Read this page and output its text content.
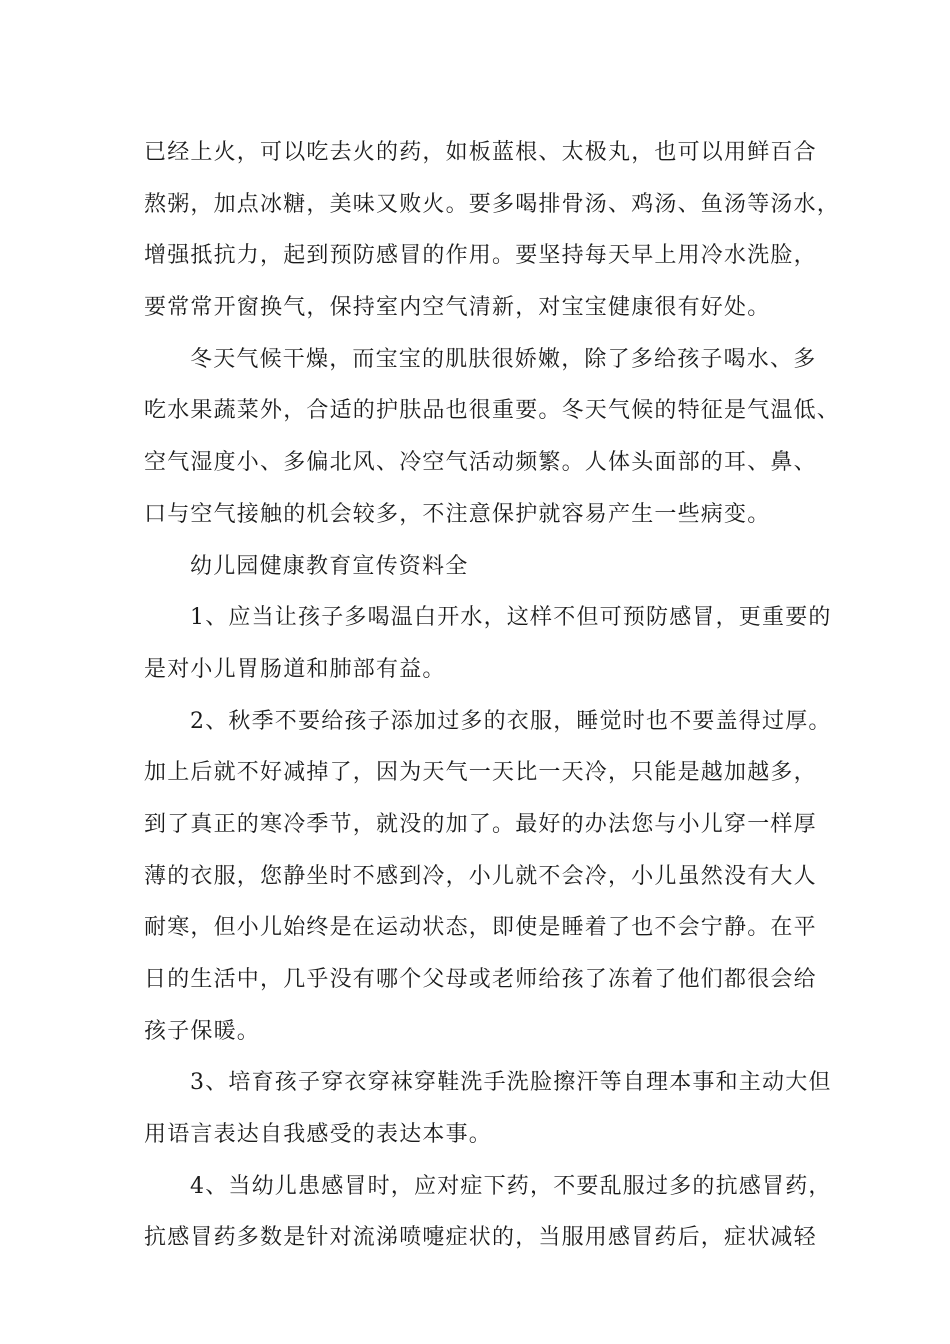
已经上火，可以吃去火的药，如板蓝根、太极丸，也可以用鲜百合
熬粥，加点冰糖，美味又败火。要多喝排骨汤、鸡汤、鱼汤等汤水，
增强抵抗力，起到预防感冒的作用。要坚持每天早上用冷水洗脸，
要常常开窗换气，保持室内空气清新，对宝宝健康很有好处。
冬天气候干燥，而宝宝的肌肤很娇嫩，除了多给孩子喝水、多
吃水果蔬菜外，合适的护肤品也很重要。冬天气候的特征是气温低、
空气湿度小、多偏北风、冷空气活动频繁。人体头面部的耳、鼻、
口与空气接触的机会较多，不注意保护就容易产生一些病变。
幼儿园健康教育宣传资料全
1、应当让孩子多喝温白开水，这样不但可预防感冒，更重要的
是对小儿胃肠道和肺部有益。
2、秋季不要给孩子添加过多的衣服，睡觉时也不要盖得过厚。
加上后就不好减掉了，因为天气一天比一天冷，只能是越加越多，
到了真正的寒冷季节，就没的加了。最好的办法您与小儿穿一样厚
薄的衣服，您静坐时不感到冷，小儿就不会冷，小儿虽然没有大人
耐寒，但小儿始终是在运动状态，即使是睡着了也不会宁静。在平
日的生活中，几乎没有哪个父母或老师给孩了冻着了他们都很会给
孩子保暖。
3、培育孩子穿衣穿袜穿鞋洗手洗脸擦汗等自理本事和主动大但
用语言表达自我感受的表达本事。
4、当幼儿患感冒时，应对症下药，不要乱服过多的抗感冒药，
抗感冒药多数是针对流涕喷嚏症状的，当服用感冒药后，症状减轻
